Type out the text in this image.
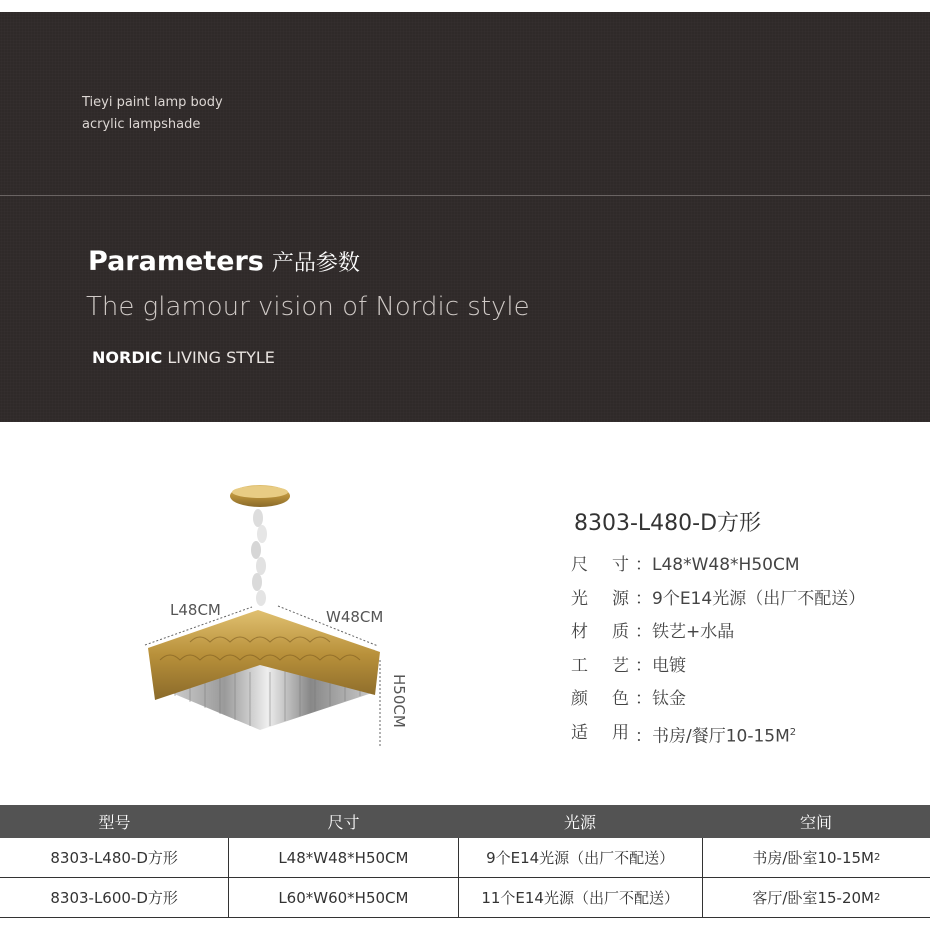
Tieyi paint lamp body
acrylic lampshade
Parameters 产品参数
The glamour vision of Nordic style
NORDIC LIVING STYLE
L48CM	W48CM
H50CM
8303-L480-D方形
尺 寸 ：L48*W48*H50CM
光 源 ：9个E14光源（出厂不配送）
材 质 ：铁艺+水晶
工 艺 ：电镀
颜 色 ：钛金
适 用 ：书房/餐厅$10-15M^2$
型号	尺寸	光源	空间
8303-L480-D方形	L48*W48*H50CM	9个E14光源（出厂不配送）	书房/卧室10-15M 2
8303-L600-D方形	L60*W60*H50CM	11个E14光源（出厂不配送）	客厅/卧室15-20M 2
